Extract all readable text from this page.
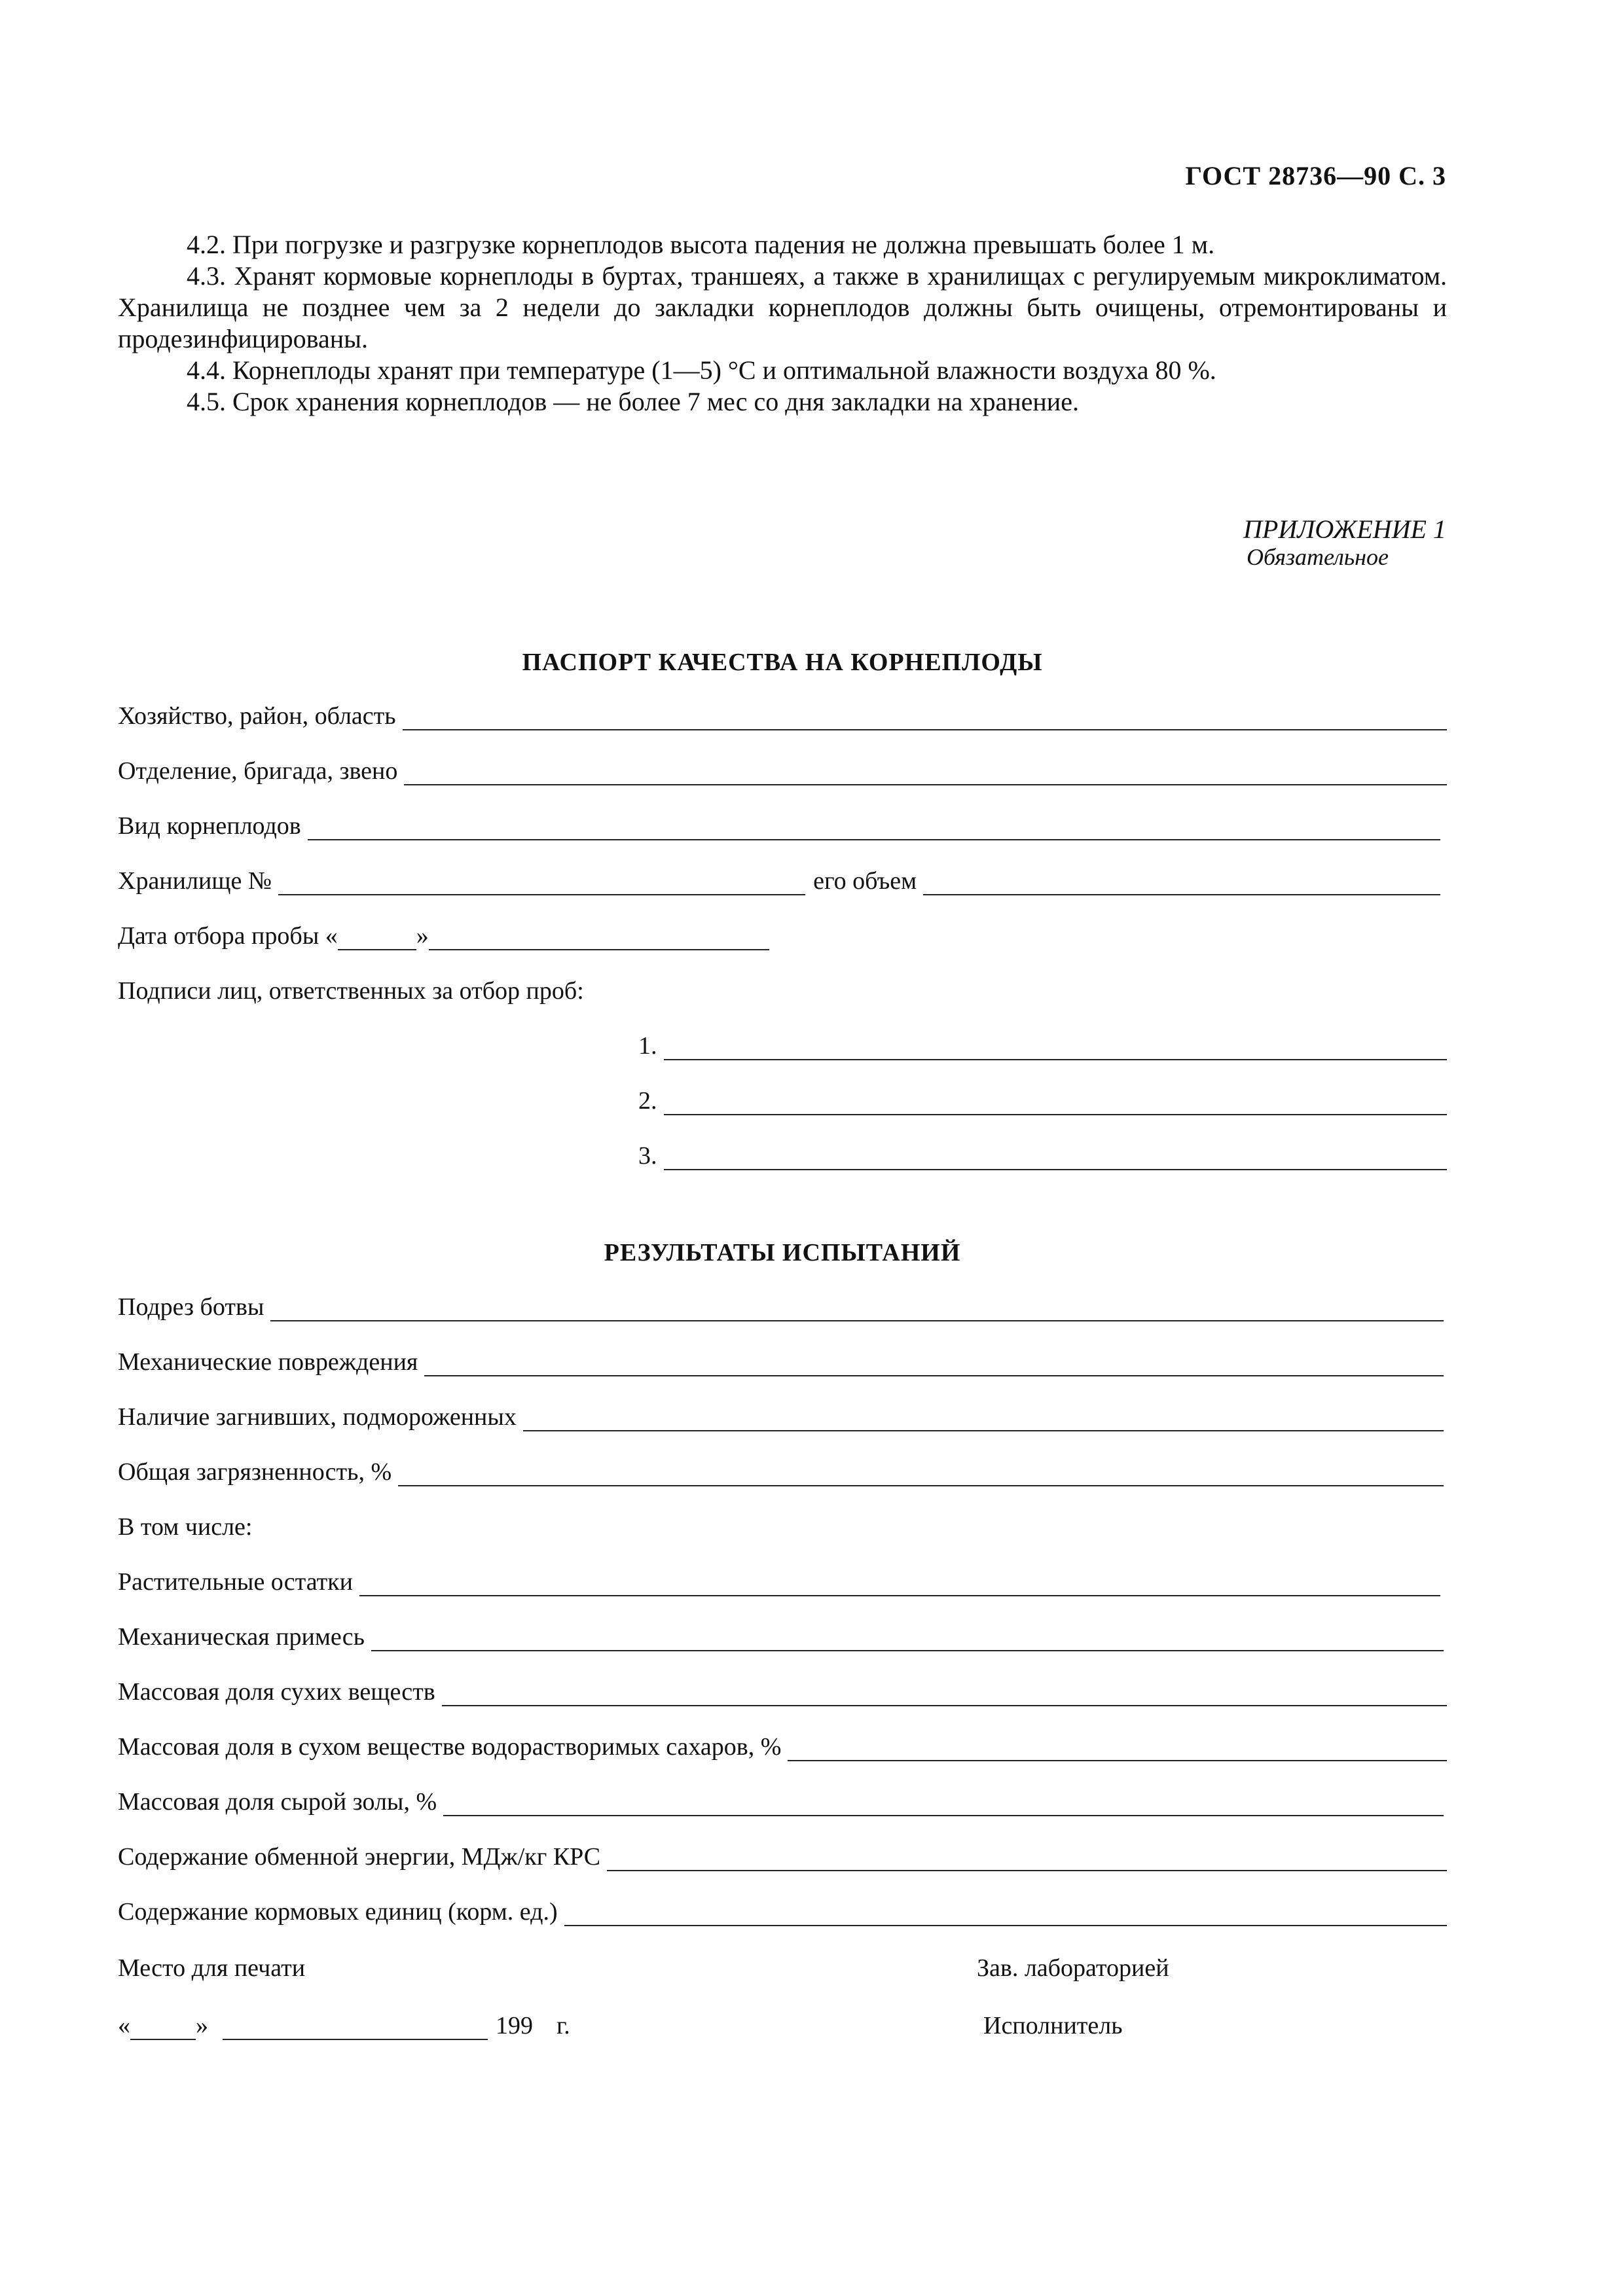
ГОСТ 28736—90 С. 3
4.2. При погрузке и разгрузке корнеплодов высота падения не должна превышать более 1 м.
4.3. Хранят кормовые корнеплоды в буртах, траншеях, а также в хранилищах с регулируемым микроклиматом. Хранилища не позднее чем за 2 недели до закладки корнеплодов должны быть очищены, отремонтированы и продезинфицированы.
4.4. Корнеплоды хранят при температуре (1—5) °С и оптимальной влажности воздуха 80 %.
4.5. Срок хранения корнеплодов — не более 7 мес со дня закладки на хранение.
ПРИЛОЖЕНИЕ 1
Обязательное
ПАСПОРТ КАЧЕСТВА НА КОРНЕПЛОДЫ
Хозяйство, район, область
Отделение, бригада, звено
Вид корнеплодов
Хранилище №	его объем
Дата отбора пробы «	»
Подписи лиц, ответственных за отбор проб:
1.
2.
3.
РЕЗУЛЬТАТЫ ИСПЫТАНИЙ
Подрез ботвы
Механические повреждения
Наличие загнивших, подмороженных
Общая загрязненность, %
В том числе:
Растительные остатки
Механическая примесь
Массовая доля сухих веществ
Массовая доля в сухом веществе водорастворимых сахаров, %
Массовая доля сырой золы, %
Содержание обменной энергии, МДж/кг КРС
Содержание кормовых единиц (корм. ед.)
Место для печати	Зав. лабораторией
«	»	199 г.	Исполнитель
